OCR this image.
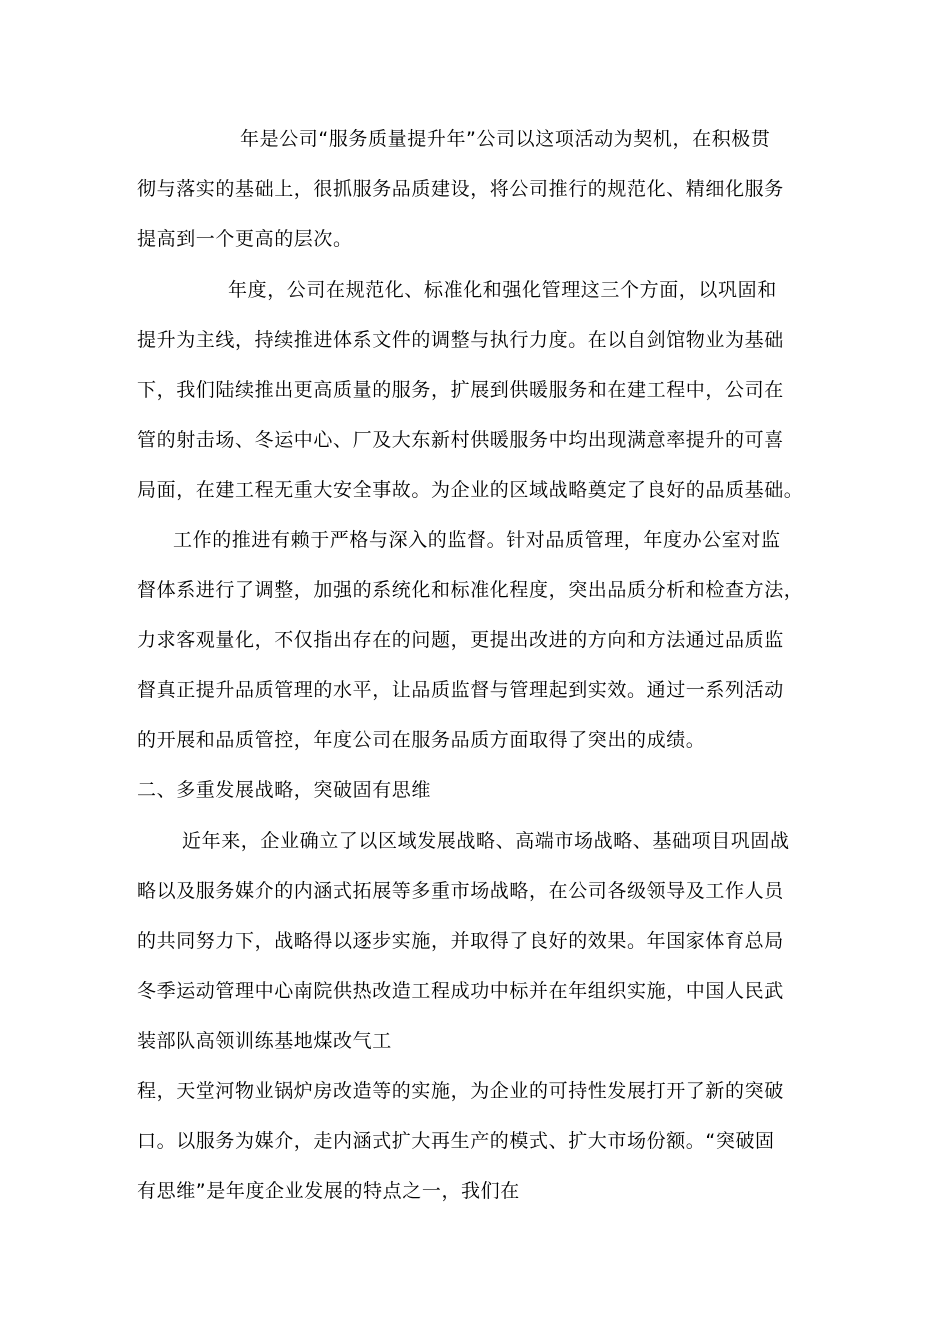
年是公司“服务质量提升年”公司以这项活动为契机，在积极贯
彻与落实的基础上，很抓服务品质建设，将公司推行的规范化、精细化服务
提高到一个更高的层次。
年度，公司在规范化、标准化和强化管理这三个方面，以巩固和
提升为主线，持续推进体系文件的调整与执行力度。在以自剑馆物业为基础
下，我们陆续推出更高质量的服务，扩展到供暖服务和在建工程中，公司在
管的射击场、冬运中心、厂及大东新村供暖服务中均出现满意率提升的可喜
局面，在建工程无重大安全事故。为企业的区域战略奠定了良好的品质基础。
工作的推进有赖于严格与深入的监督。针对品质管理，年度办公室对监
督体系进行了调整，加强的系统化和标准化程度，突出品质分析和检查方法，
力求客观量化，不仅指出存在的问题，更提出改进的方向和方法通过品质监
督真正提升品质管理的水平，让品质监督与管理起到实效。通过一系列活动
的开展和品质管控，年度公司在服务品质方面取得了突出的成绩。
二、多重发展战略，突破固有思维
近年来，企业确立了以区域发展战略、高端市场战略、基础项目巩固战
略以及服务媒介的内涵式拓展等多重市场战略，在公司各级领导及工作人员
的共同努力下，战略得以逐步实施，并取得了良好的效果。年国家体育总局
冬季运动管理中心南院供热改造工程成功中标并在年组织实施，中国人民武
装部队高领训练基地煤改气工
程，天堂河物业锅炉房改造等的实施，为企业的可持性发展打开了新的突破
口。以服务为媒介，走内涵式扩大再生产的模式、扩大市场份额。“突破固
有思维”是年度企业发展的特点之一，我们在
